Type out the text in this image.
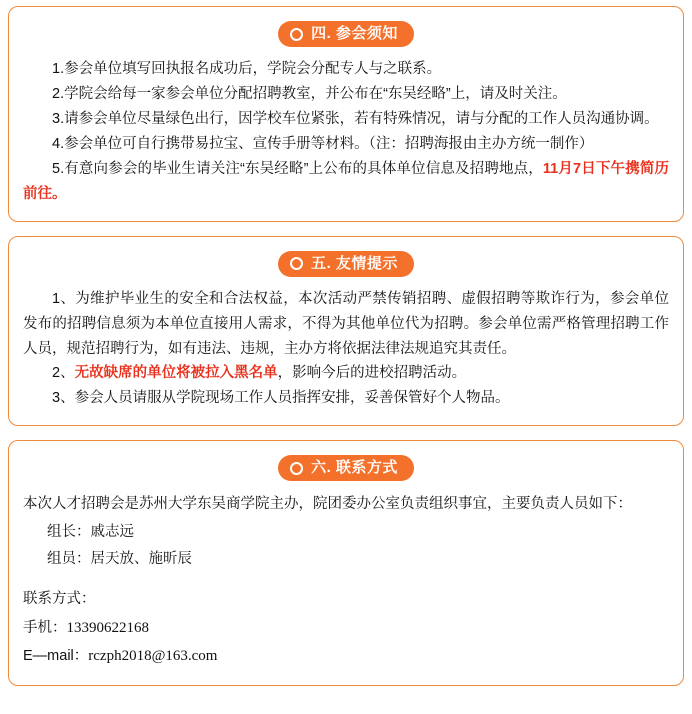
四. 参会须知

1.参会单位填写回执报名成功后，学院会分配专人与之联系。

2.学院会给每一家参会单位分配招聘教室，并公布在“东吴经略”上，请及时关注。

3.请参会单位尽量绿色出行，因学校车位紧张，若有特殊情况，请与分配的工作人员沟通协调。

4.参会单位可自行携带易拉宝、宣传手册等材料。（注：招聘海报由主办方统一制作）

5.有意向参会的毕业生请关注“东吴经略”上公布的具体单位信息及招聘地点，11月7日下午携简历前往。

五. 友情提示

1、为维护毕业生的安全和合法权益，本次活动严禁传销招聘、虚假招聘等欺诈行为，参会单位发布的招聘信息须为本单位直接用人需求，不得为其他单位代为招聘。参会单位需严格管理招聘工作人员，规范招聘行为，如有违法、违规，主办方将依据法律法规追究其责任。

2、无故缺席的单位将被拉入黑名单，影响今后的进校招聘活动。

3、参会人员请服从学院现场工作人员指挥安排，妥善保管好个人物品。

六. 联系方式

本次人才招聘会是苏州大学东吴商学院主办，院团委办公室负责组织事宜，主要负责人员如下：

组长：戚志远

组员：居天放、施昕辰

联系方式：

手机：13390622168

E—mail：rczph2018@163.com
